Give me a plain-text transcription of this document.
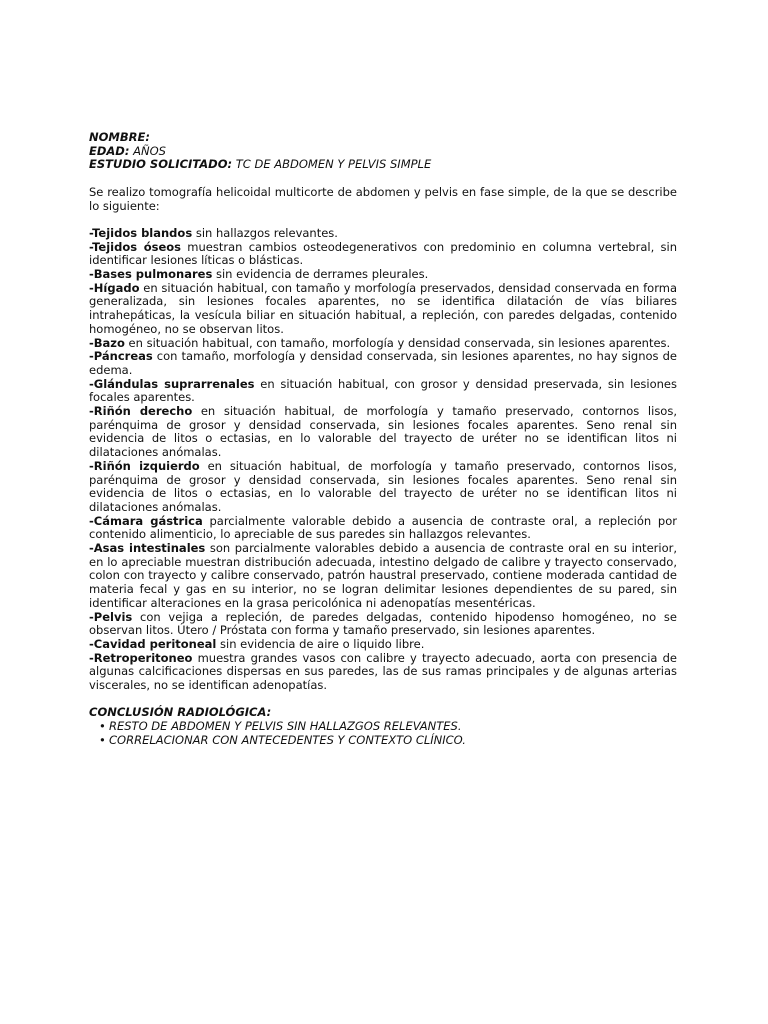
NOMBRE:

EDAD: AÑOS

ESTUDIO SOLICITADO: TC DE ABDOMEN Y PELVIS SIMPLE

Se realizo tomografía helicoidal multicorte de abdomen y pelvis en fase simple, de la que se describe lo siguiente:

-Tejidos blandos sin hallazgos relevantes.

-Tejidos óseos muestran cambios osteodegenerativos con predominio en columna vertebral, sin identificar lesiones líticas o blásticas.

-Bases pulmonares sin evidencia de derrames pleurales.

-Hígado en situación habitual, con tamaño y morfología preservados, densidad conservada en forma generalizada, sin lesiones focales aparentes, no se identifica dilatación de vías biliares intrahepáticas, la vesícula biliar en situación habitual, a repleción, con paredes delgadas, contenido homogéneo, no se observan litos.

-Bazo en situación habitual, con tamaño, morfología y densidad conservada, sin lesiones aparentes.

-Páncreas con tamaño, morfología y densidad conservada, sin lesiones aparentes, no hay signos de edema.

-Glándulas suprarrenales en situación habitual, con grosor y densidad preservada, sin lesiones focales aparentes.

-Riñón derecho en situación habitual, de morfología y tamaño preservado, contornos lisos, parénquima de grosor y densidad conservada, sin lesiones focales aparentes. Seno renal sin evidencia de litos o ectasias, en lo valorable del trayecto de uréter no se identifican litos ni dilataciones anómalas.

-Riñón izquierdo en situación habitual, de morfología y tamaño preservado, contornos lisos, parénquima de grosor y densidad conservada, sin lesiones focales aparentes. Seno renal sin evidencia de litos o ectasias, en lo valorable del trayecto de uréter no se identifican litos ni dilataciones anómalas.

-Cámara gástrica parcialmente valorable debido a ausencia de contraste oral, a repleción por contenido alimenticio, lo apreciable de sus paredes sin hallazgos relevantes.

-Asas intestinales son parcialmente valorables debido a ausencia de contraste oral en su interior, en lo apreciable muestran distribución adecuada, intestino delgado de calibre y trayecto conservado, colon con trayecto y calibre conservado, patrón haustral preservado, contiene moderada cantidad de materia fecal y gas en su interior, no se logran delimitar lesiones dependientes de su pared, sin identificar alteraciones en la grasa pericolónica ni adenopatías mesentéricas.

-Pelvis con vejiga a repleción, de paredes delgadas, contenido hipodenso homogéneo, no se observan litos. Útero / Próstata con forma y tamaño preservado, sin lesiones aparentes.

-Cavidad peritoneal sin evidencia de aire o liquido libre.

-Retroperitoneo muestra grandes vasos con calibre y trayecto adecuado, aorta con presencia de algunas calcificaciones dispersas en sus paredes, las de sus ramas principales y de algunas arterias viscerales, no se identifican adenopatías.

CONCLUSIÓN RADIOLÓGICA:

• RESTO DE ABDOMEN Y PELVIS SIN HALLAZGOS RELEVANTES.
• CORRELACIONAR CON ANTECEDENTES Y CONTEXTO CLÍNICO.
